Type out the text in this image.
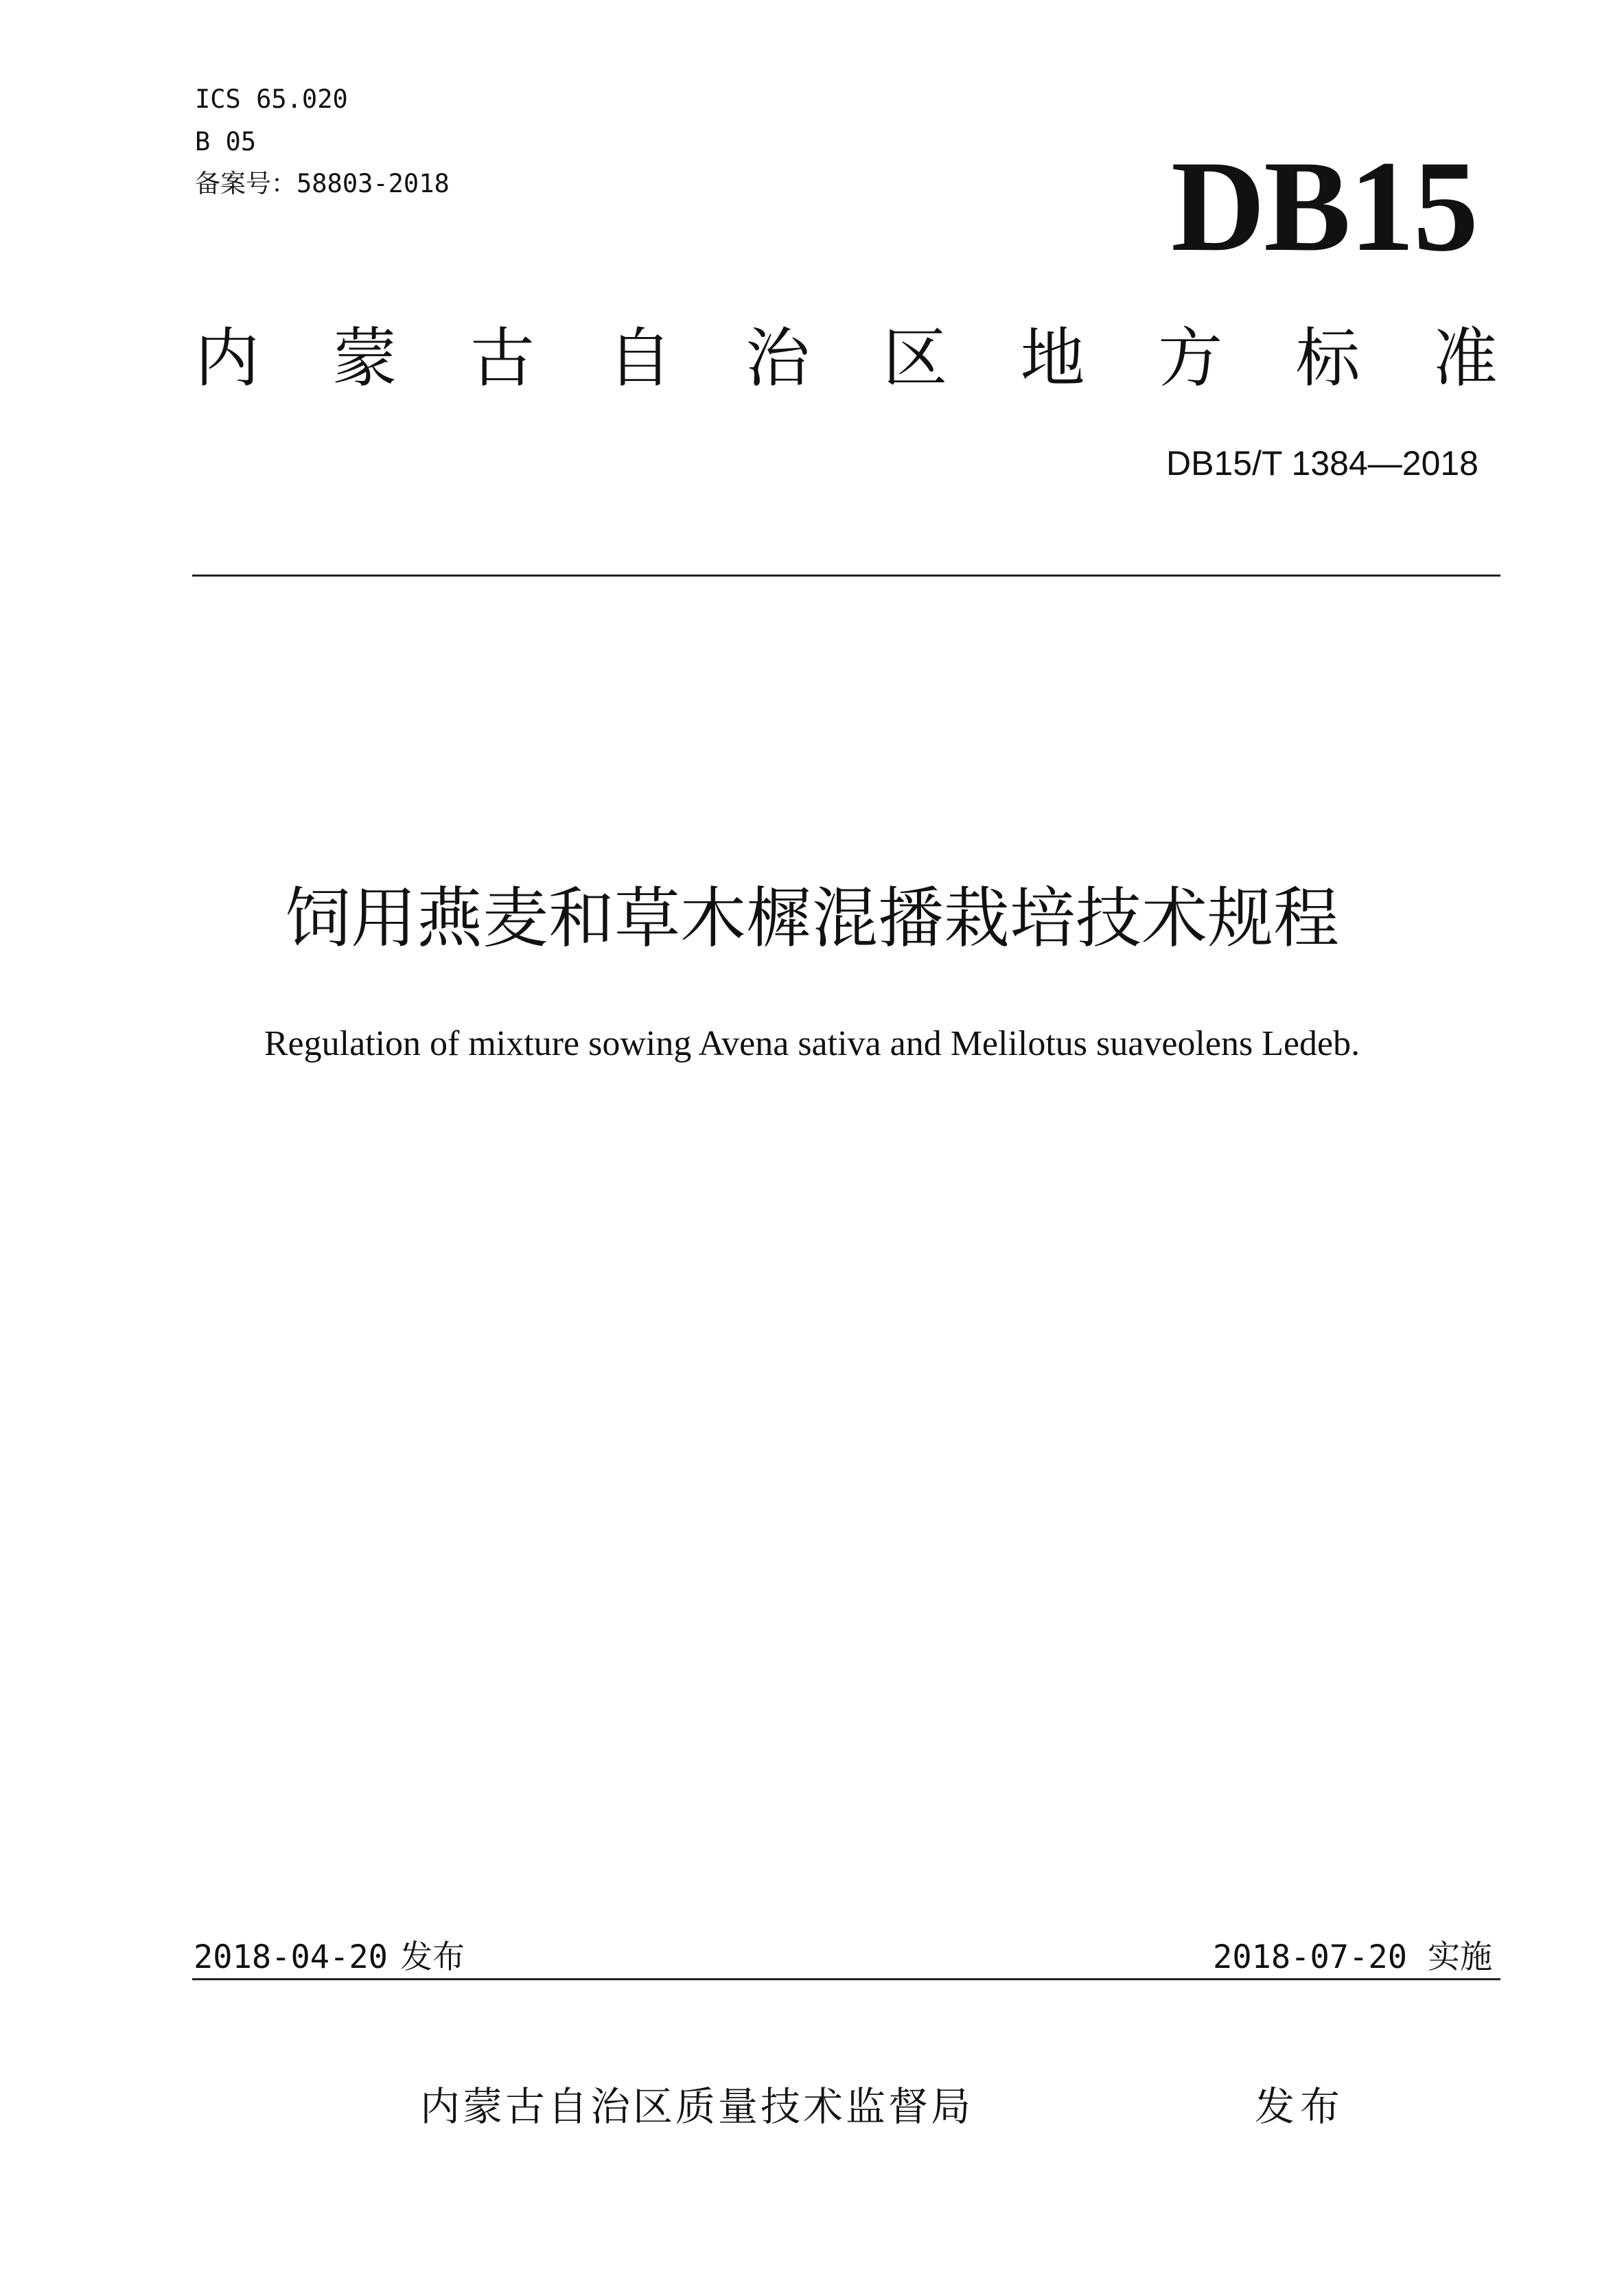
ICS 65.020
B 05
备案号：58803-2018	DB15
内 蒙 古 自 治 区 地 方 标 准
DB15/T 1384—2018
饲用燕麦和草木樨混播栽培技术规程
Regulation of mixture sowing Avena sativa and Melilotus suaveolens Ledeb.
2018-04-20 发布	2018-07-20 实施
内蒙古自治区质量技术监督局	发布
